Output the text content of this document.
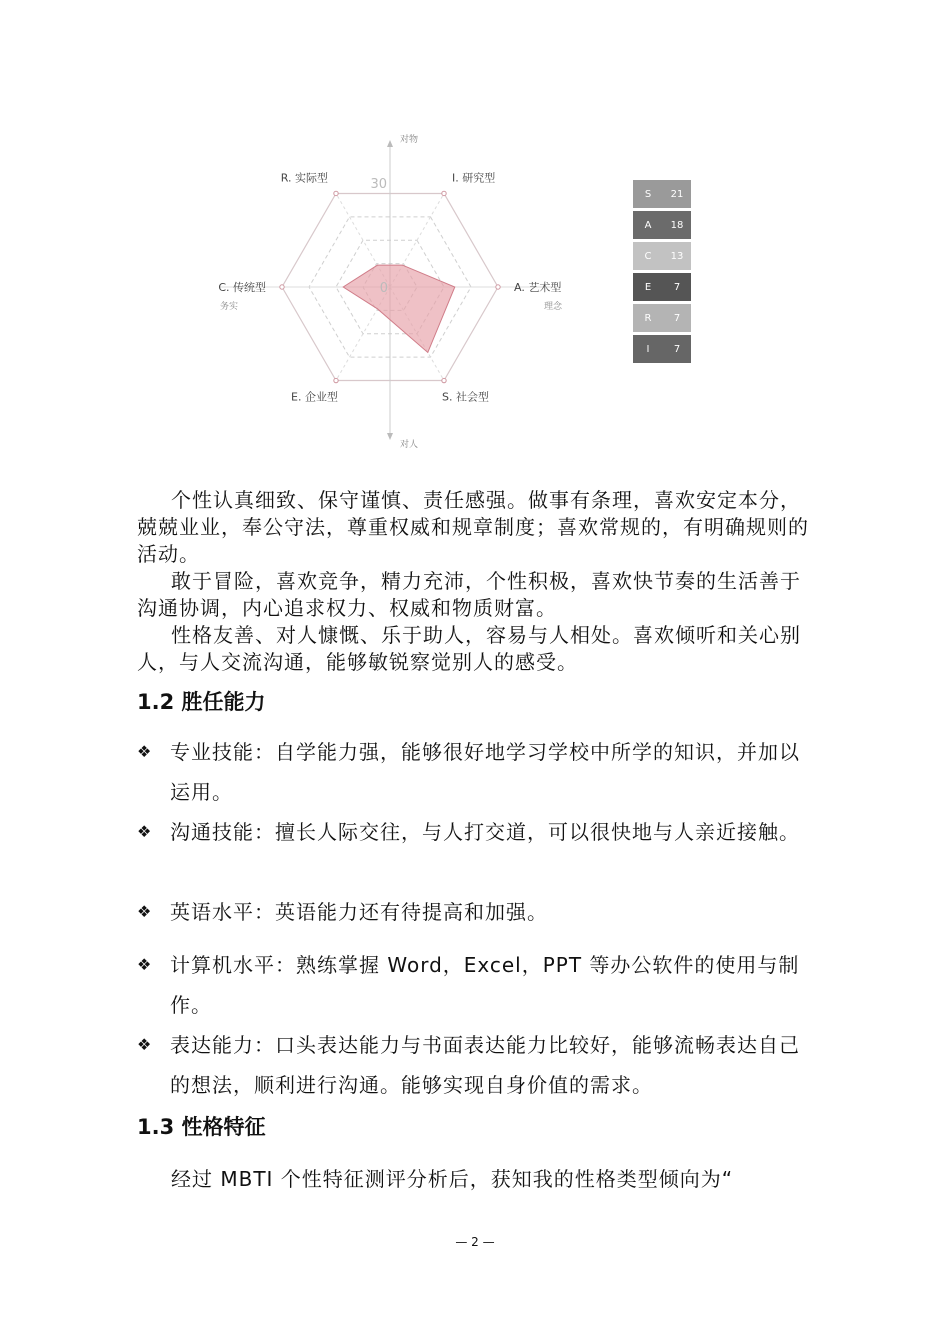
I. 研究型
A. 艺术型
S. 社会型
E. 企业型
C. 传统型
R. 实际型	30
0
对物
对人
务实	理念
S	21
A	18
C	13
E	7
R	7
I	7
个性认真细致、保守谨慎、责任感强。做事有条理，喜欢安定本分，兢兢业业，奉公守法，尊重权威和规章制度；喜欢常规的，有明确规则的活动。
敢于冒险，喜欢竞争，精力充沛，个性积极，喜欢快节奏的生活善于沟通协调，内心追求权力、权威和物质财富。
性格友善、对人慷慨、乐于助人，容易与人相处。喜欢倾听和关心别人，与人交流沟通，能够敏锐察觉别人的感受。
1.2 胜任能力
❖ 专业技能：自学能力强，能够很好地学习学校中所学的知识，并加以运用。
❖ 沟通技能：擅长人际交往，与人打交道，可以很快地与人亲近接触。
❖ 英语水平：英语能力还有待提高和加强。
❖ 计算机水平：熟练掌握 Word，Excel，PPT 等办公软件的使用与制作。
❖ 表达能力：口头表达能力与书面表达能力比较好，能够流畅表达自己的想法，顺利进行沟通。能够实现自身价值的需求。
1.3 性格特征
经过 MBTI 个性特征测评分析后，获知我的性格类型倾向为“
— 2 —
